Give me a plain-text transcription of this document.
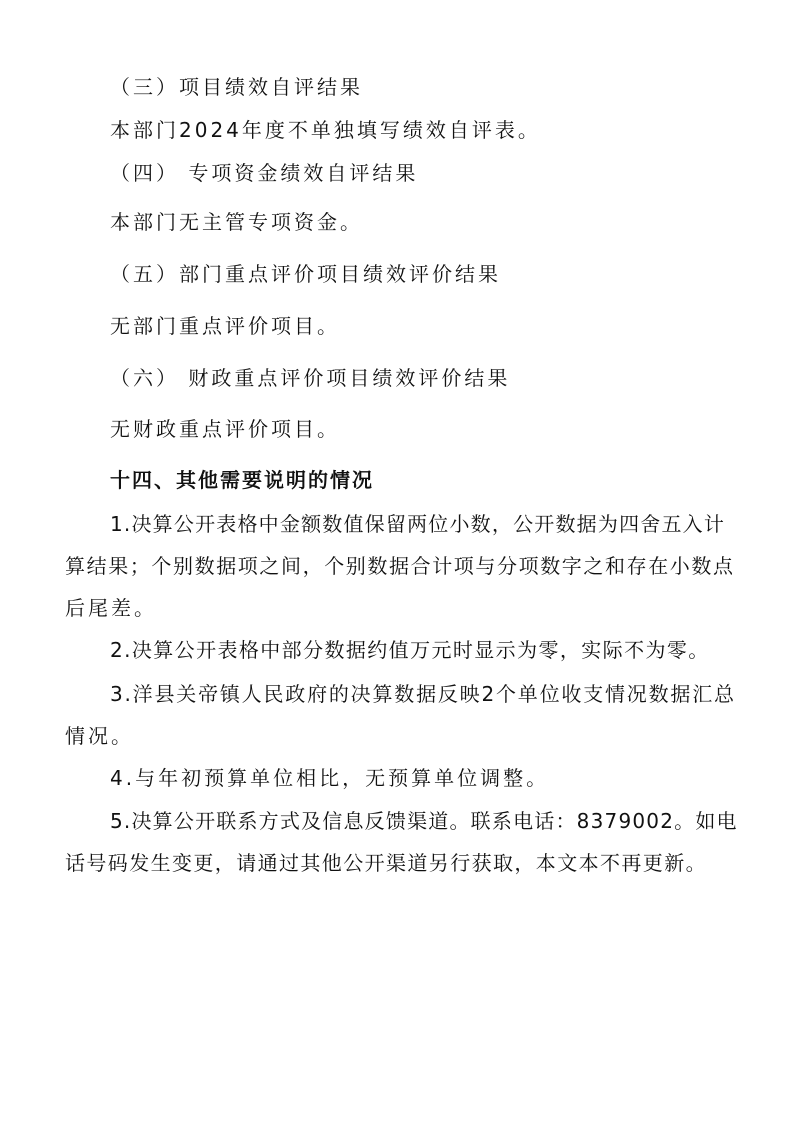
（三）项目绩效自评结果

本部门2024年度不单独填写绩效自评表。

（四） 专项资金绩效自评结果

本部门无主管专项资金。

（五）部门重点评价项目绩效评价结果

无部门重点评价项目。

（六） 财政重点评价项目绩效评价结果

无财政重点评价项目。

十四、其他需要说明的情况

1.决算公开表格中金额数值保留两位小数，公开数据为四舍五入计

算结果；个别数据项之间，个别数据合计项与分项数字之和存在小数点

后尾差。

2.决算公开表格中部分数据约值万元时显示为零，实际不为零。

3.洋县关帝镇人民政府的决算数据反映2个单位收支情况数据汇总

情况。

4.与年初预算单位相比，无预算单位调整。

5.决算公开联系方式及信息反馈渠道。联系电话：8379002。如电

话号码发生变更，请通过其他公开渠道另行获取，本文本不再更新。
